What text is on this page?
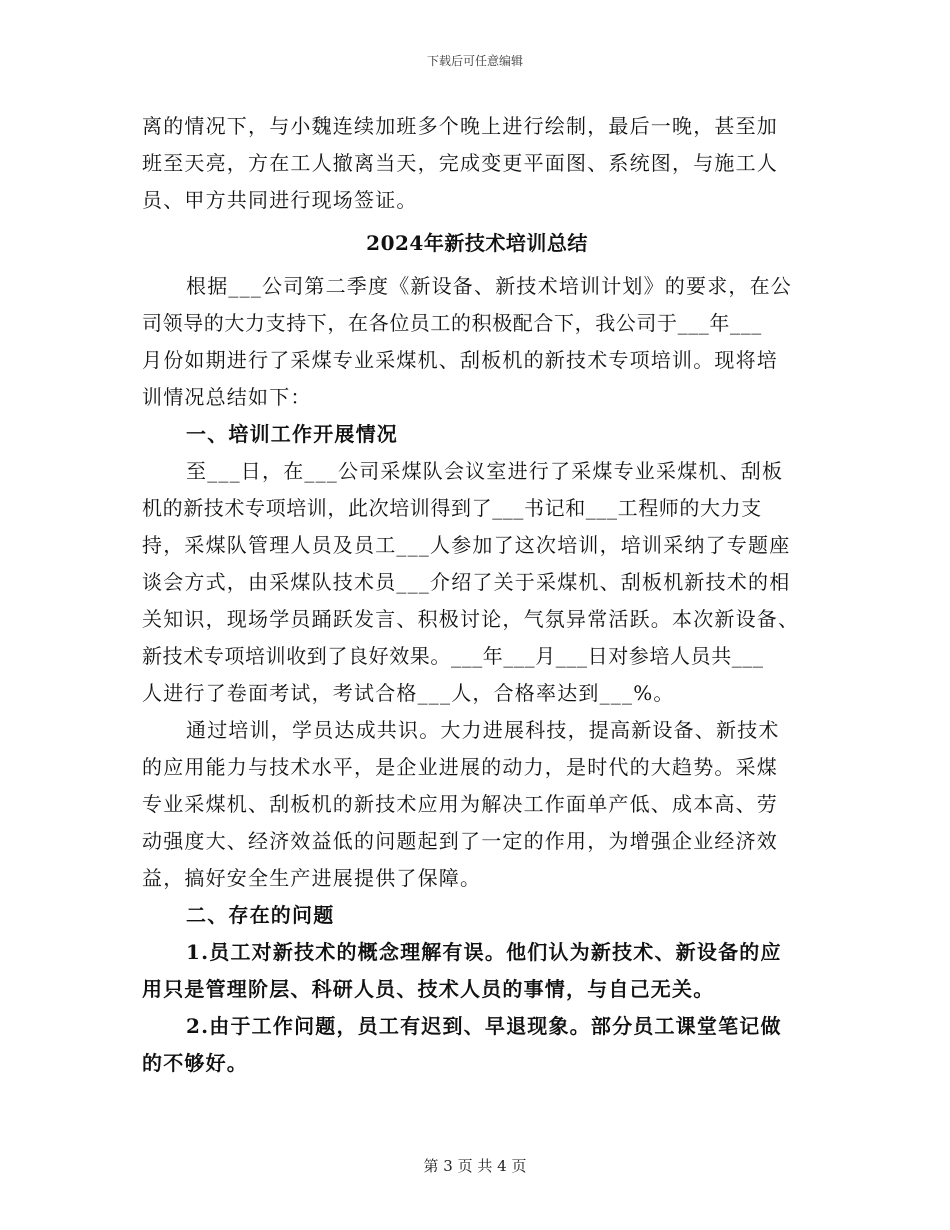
下载后可任意编辑
离的情况下，与小魏连续加班多个晚上进行绘制，最后一晚，甚至加
班至天亮，方在工人撤离当天，完成变更平面图、系统图，与施工人
员、甲方共同进行现场签证。
2024年新技术培训总结
根据___公司第二季度《新设备、新技术培训计划》的要求，在公
司领导的大力支持下，在各位员工的积极配合下，我公司于___年___
月份如期进行了采煤专业采煤机、刮板机的新技术专项培训。现将培
训情况总结如下：
一、培训工作开展情况
至___日，在___公司采煤队会议室进行了采煤专业采煤机、刮板
机的新技术专项培训，此次培训得到了___书记和___工程师的大力支
持，采煤队管理人员及员工___人参加了这次培训，培训采纳了专题座
谈会方式，由采煤队技术员___介绍了关于采煤机、刮板机新技术的相
关知识，现场学员踊跃发言、积极讨论，气氛异常活跃。本次新设备、
新技术专项培训收到了良好效果。___年___月___日对参培人员共___
人进行了卷面考试，考试合格___人，合格率达到___%。
通过培训，学员达成共识。大力进展科技，提高新设备、新技术
的应用能力与技术水平，是企业进展的动力，是时代的大趋势。采煤
专业采煤机、刮板机的新技术应用为解决工作面单产低、成本高、劳
动强度大、经济效益低的问题起到了一定的作用，为增强企业经济效
益，搞好安全生产进展提供了保障。
二、存在的问题
1.员工对新技术的概念理解有误。他们认为新技术、新设备的应
用只是管理阶层、科研人员、技术人员的事情，与自己无关。
2.由于工作问题，员工有迟到、早退现象。部分员工课堂笔记做
的不够好。
第 3 页 共 4 页
